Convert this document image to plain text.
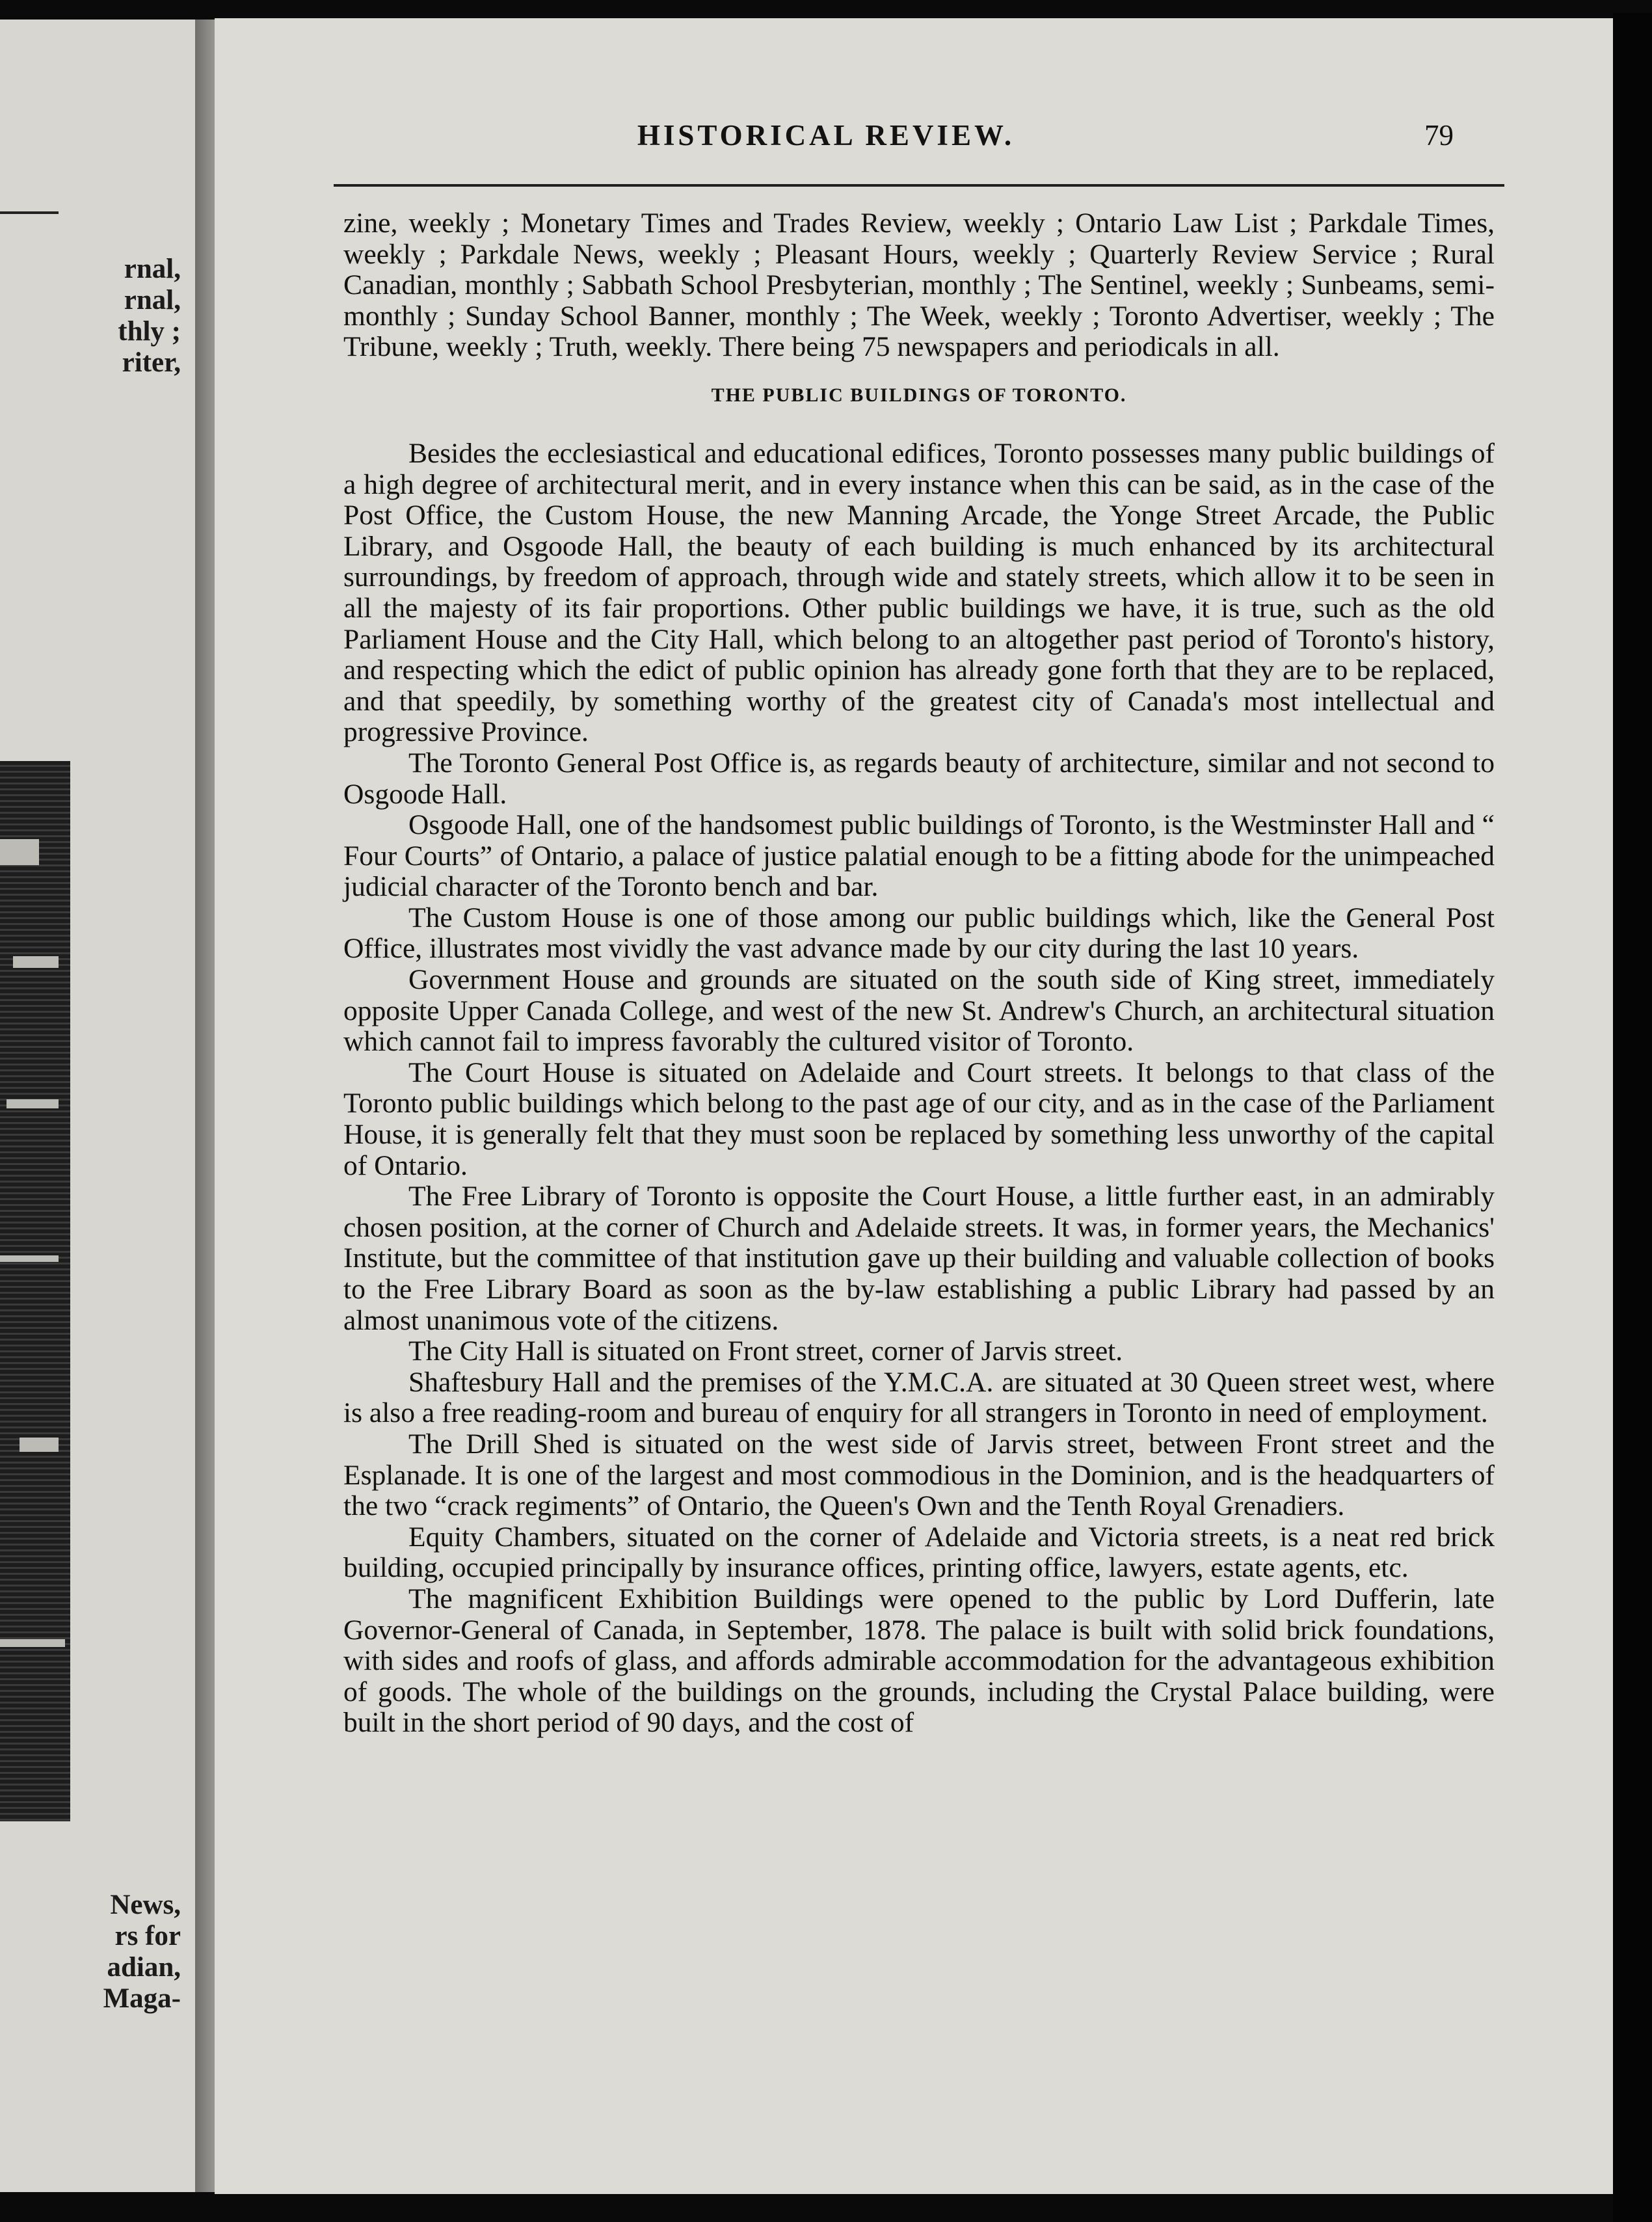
rnal,
rnal,
thly ;
riter,
News,
rs for
adian,
Maga-
HISTORICAL REVIEW.	79

zine, weekly ; Monetary Times and Trades Review, weekly ; Ontario Law List ; Parkdale Times, weekly ; Parkdale News, weekly ; Pleasant Hours, weekly ; Quarterly Review Service ; Rural Canadian, monthly ; Sabbath School Presbyterian, monthly ; The Sentinel, weekly ; Sunbeams, semi-monthly ; Sunday School Banner, monthly ; The Week, weekly ; Toronto Advertiser, weekly ; The Tribune, weekly ; Truth, weekly. There being 75 newspapers and periodicals in all.

THE PUBLIC BUILDINGS OF TORONTO.

Besides the ecclesiastical and educational edifices, Toronto possesses many public buildings of a high degree of architectural merit, and in every instance when this can be said, as in the case of the Post Office, the Custom House, the new Manning Arcade, the Yonge Street Arcade, the Public Library, and Osgoode Hall, the beauty of each building is much enhanced by its architectural surroundings, by freedom of approach, through wide and stately streets, which allow it to be seen in all the majesty of its fair proportions. Other public buildings we have, it is true, such as the old Parliament House and the City Hall, which belong to an altogether past period of Toronto's history, and respecting which the edict of public opinion has already gone forth that they are to be replaced, and that speedily, by something worthy of the greatest city of Canada's most intellectual and progressive Province.

The Toronto General Post Office is, as regards beauty of architecture, similar and not second to Osgoode Hall.

Osgoode Hall, one of the handsomest public buildings of Toronto, is the Westminster Hall and “ Four Courts” of Ontario, a palace of justice palatial enough to be a fitting abode for the unimpeached judicial character of the Toronto bench and bar.

The Custom House is one of those among our public buildings which, like the General Post Office, illustrates most vividly the vast advance made by our city during the last 10 years.

Government House and grounds are situated on the south side of King street, immediately opposite Upper Canada College, and west of the new St. Andrew's Church, an architectural situation which cannot fail to impress favorably the cultured visitor of Toronto.

The Court House is situated on Adelaide and Court streets. It belongs to that class of the Toronto public buildings which belong to the past age of our city, and as in the case of the Parliament House, it is generally felt that they must soon be replaced by something less unworthy of the capital of Ontario.

The Free Library of Toronto is opposite the Court House, a little further east, in an admirably chosen position, at the corner of Church and Adelaide streets. It was, in former years, the Mechanics' Institute, but the committee of that institution gave up their building and valuable collection of books to the Free Library Board as soon as the by-law establishing a public Library had passed by an almost unanimous vote of the citizens.

The City Hall is situated on Front street, corner of Jarvis street.

Shaftesbury Hall and the premises of the Y.M.C.A. are situated at 30 Queen street west, where is also a free reading-room and bureau of enquiry for all strangers in Toronto in need of employment.

The Drill Shed is situated on the west side of Jarvis street, between Front street and the Esplanade. It is one of the largest and most commodious in the Dominion, and is the headquarters of the two “crack regiments” of Ontario, the Queen's Own and the Tenth Royal Grenadiers.

Equity Chambers, situated on the corner of Adelaide and Victoria streets, is a neat red brick building, occupied principally by insurance offices, printing office, lawyers, estate agents, etc.

The magnificent Exhibition Buildings were opened to the public by Lord Dufferin, late Governor-General of Canada, in September, 1878. The palace is built with solid brick foundations, with sides and roofs of glass, and affords admirable accommodation for the advantageous exhibition of goods. The whole of the buildings on the grounds, including the Crystal Palace building, were built in the short period of 90 days, and the cost of
